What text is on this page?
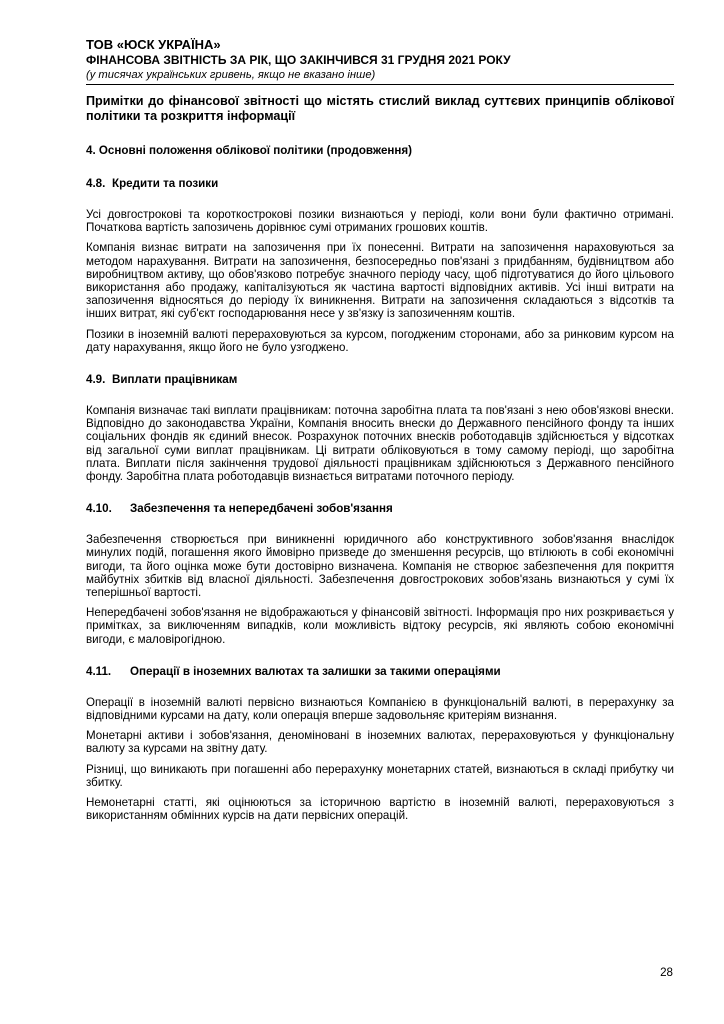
ТОВ «ЮСК УКРАЇНА»
ФІНАНСОВА ЗВІТНІСТЬ ЗА РІК, ЩО ЗАКІНЧИВСЯ 31 ГРУДНЯ 2021 РОКУ
(у тисячах українських гривень, якщо не вказано інше)
Примітки до фінансової звітності що містять стислий виклад суттєвих принципів облікової політики та розкриття інформації
4. Основні положення облікової політики (продовження)
4.8. Кредити та позики
Усі довгострокові та короткострокові позики визнаються у періоді, коли вони були фактично отримані. Початкова вартість запозичень дорівнює сумі отриманих грошових коштів.
Компанія визнає витрати на запозичення при їх понесенні. Витрати на запозичення нараховуються за методом нарахування. Витрати на запозичення, безпосередньо пов'язані з придбанням, будівництвом або виробництвом активу, що обов'язково потребує значного періоду часу, щоб підготуватися до його цільового використання або продажу, капіталізуються як частина вартості відповідних активів. Усі інші витрати на запозичення відносяться до періоду їх виникнення. Витрати на запозичення складаються з відсотків та інших витрат, які суб'єкт господарювання несе у зв'язку із запозиченням коштів.
Позики в іноземній валюті перераховуються за курсом, погодженим сторонами, або за ринковим курсом на дату нарахування, якщо його не було узгоджено.
4.9. Виплати працівникам
Компанія визначає такі виплати працівникам: поточна заробітна плата та пов'язані з нею обов'язкові внески. Відповідно до законодавства України, Компанія вносить внески до Державного пенсійного фонду та інших соціальних фондів як єдиний внесок. Розрахунок поточних внесків роботодавців здійснюється у відсотках від загальної суми виплат працівникам. Ці витрати обліковуються в тому самому періоді, що заробітна плата. Виплати після закінчення трудової діяльності працівникам здійснюються з Державного пенсійного фонду. Заробітна плата роботодавців визнається витратами поточного періоду.
4.10. Забезпечення та непередбачені зобов'язання
Забезпечення створюється при виникненні юридичного або конструктивного зобов'язання внаслідок минулих подій, погашення якого ймовірно призведе до зменшення ресурсів, що втілюють в собі економічні вигоди, та його оцінка може бути достовірно визначена. Компанія не створює забезпечення для покриття майбутніх збитків від власної діяльності. Забезпечення довгострокових зобов'язань визнаються у сумі їх теперішньої вартості.
Непередбачені зобов'язання не відображаються у фінансовій звітності. Інформація про них розкривається у примітках, за виключенням випадків, коли можливість відтоку ресурсів, які являють собою економічні вигоди, є маловірогідною.
4.11. Операції в іноземних валютах та залишки за такими операціями
Операції в іноземній валюті первісно визнаються Компанією в функціональній валюті, в перерахунку за відповідними курсами на дату, коли операція вперше задовольняє критеріям визнання.
Монетарні активи і зобов'язання, деноміновані в іноземних валютах, перераховуються у функціональну валюту за курсами на звітну дату.
Різниці, що виникають при погашенні або перерахунку монетарних статей, визнаються в складі прибутку чи збитку.
Немонетарні статті, які оцінюються за історичною вартістю в іноземній валюті, перераховуються з використанням обмінних курсів на дати первісних операцій.
28
